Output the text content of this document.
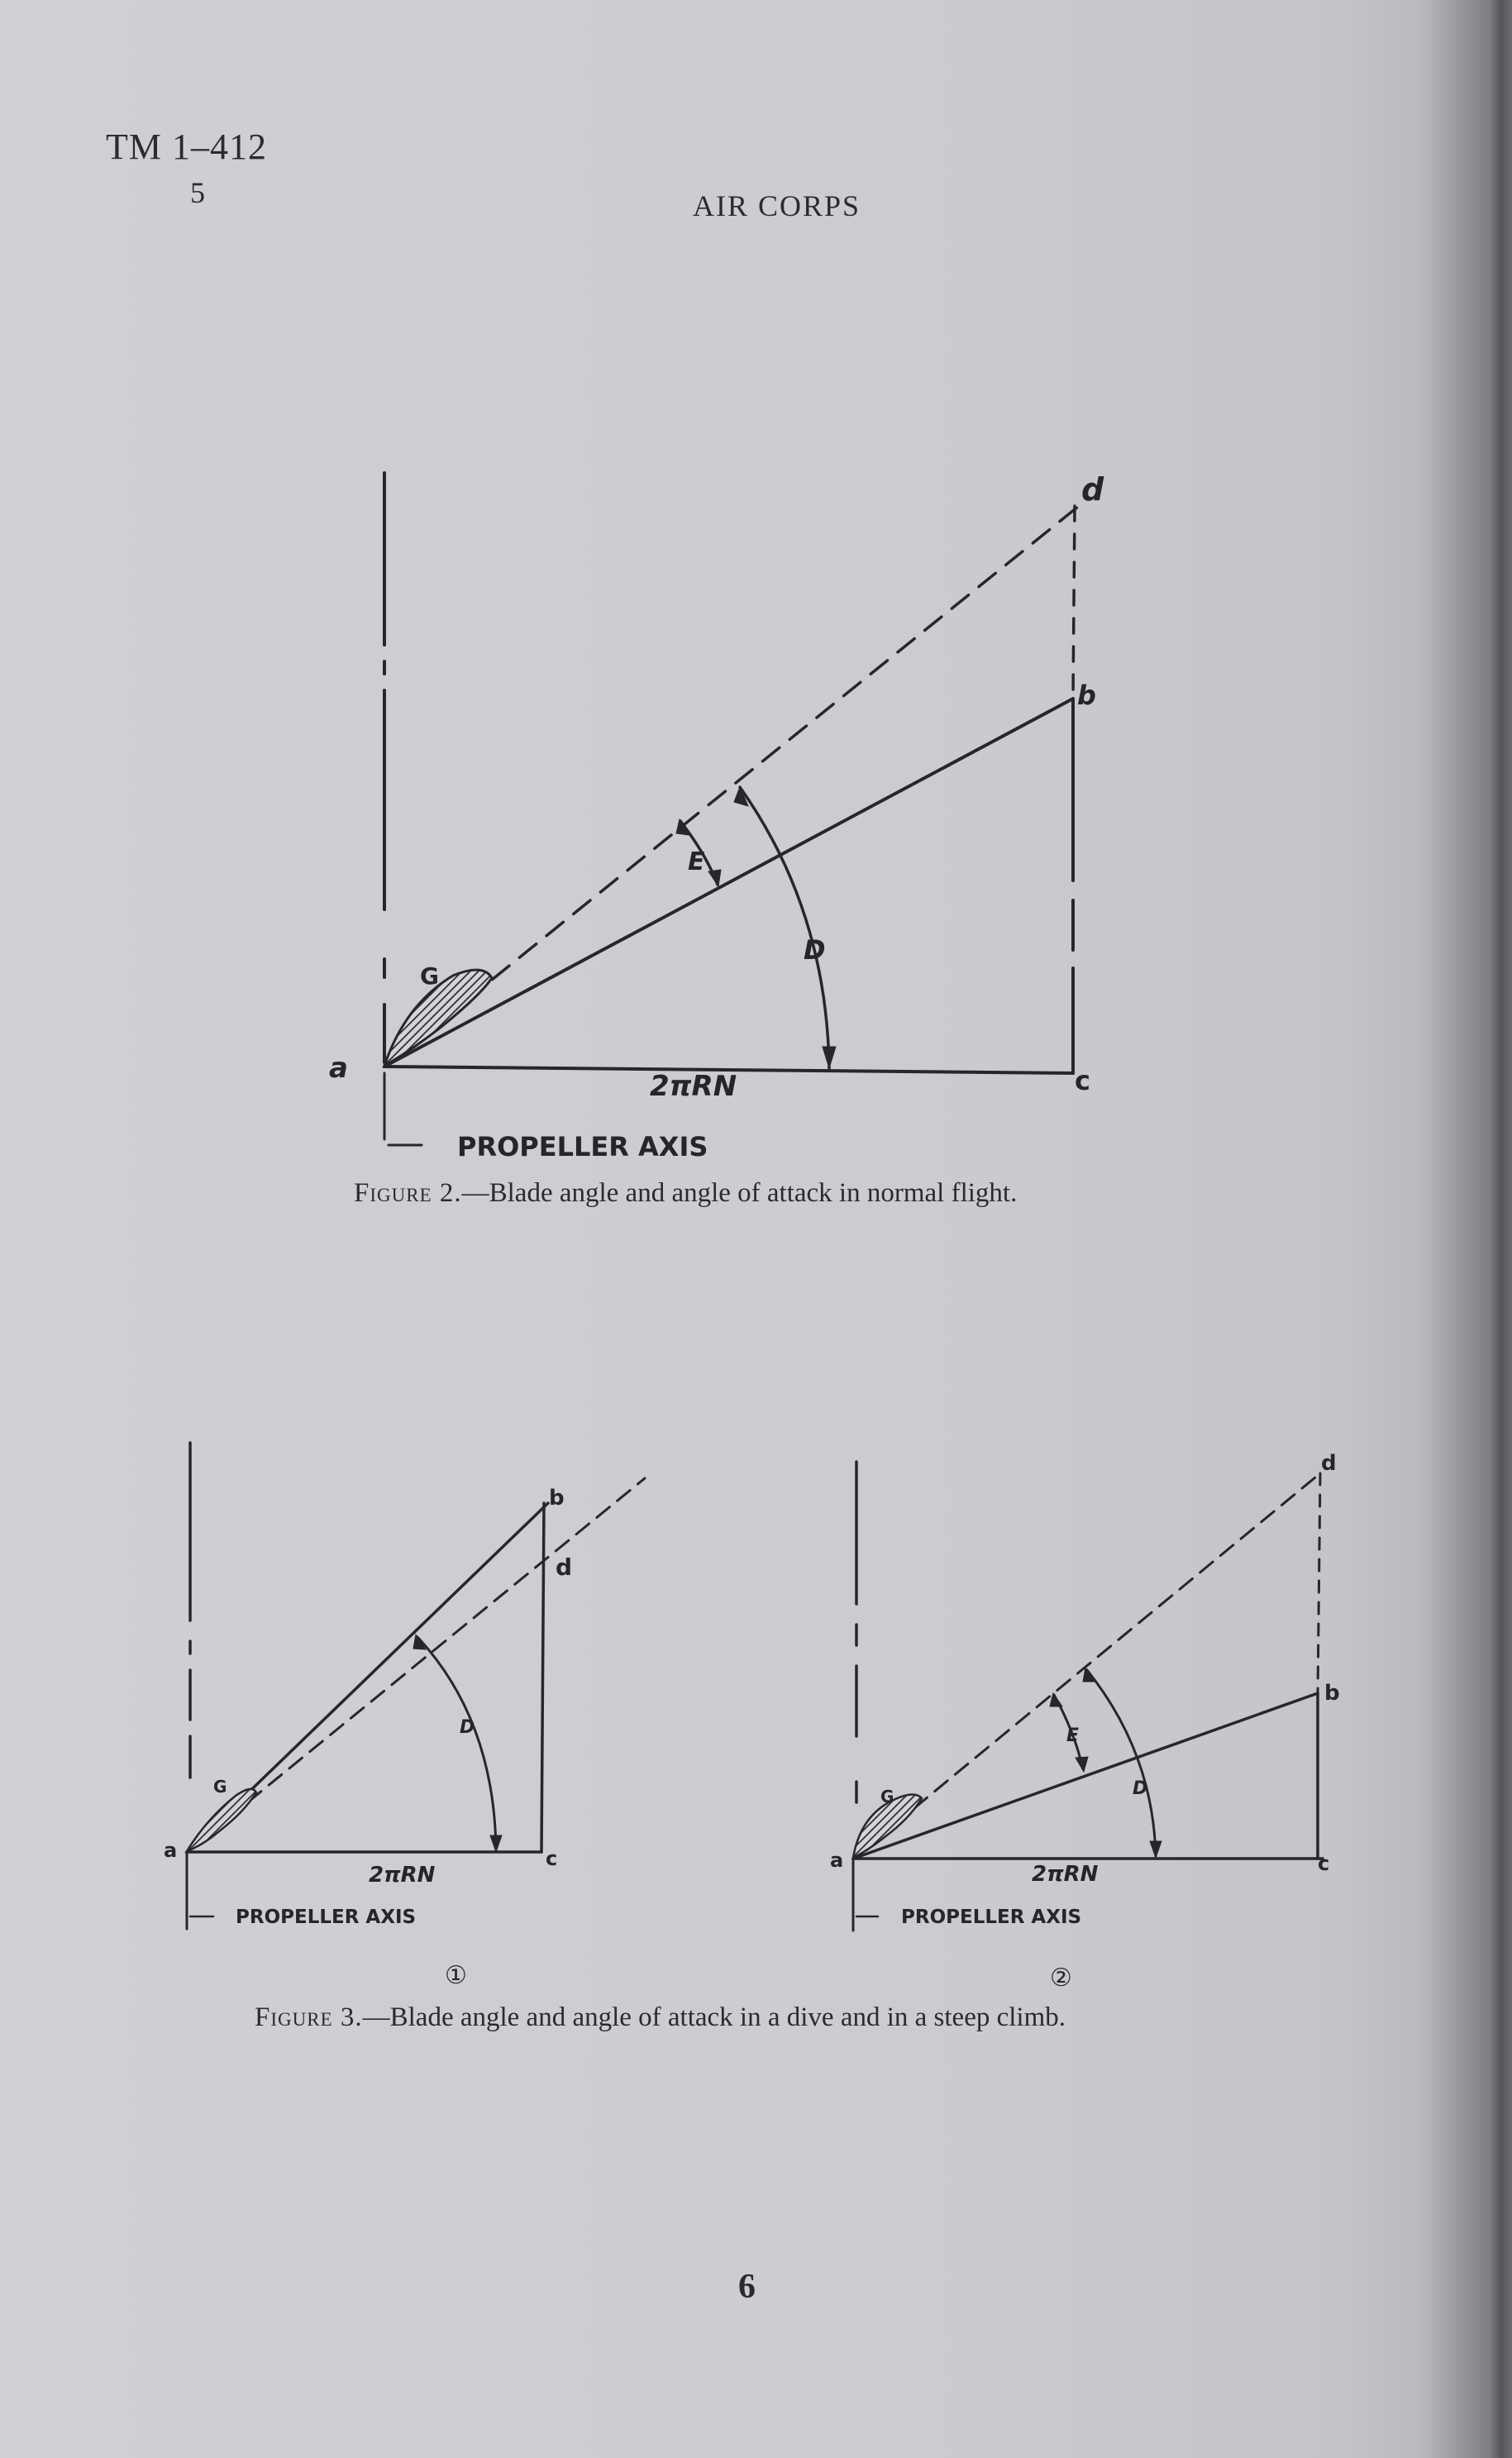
TM 1–412
5	AIR CORPS
a
b
c
d
G
D
E
2πRN
PROPELLER AXIS
a
b
c
d
G
D
2πRN
PROPELLER AXIS
①
a
b
c
d
G	D
E
2πRN
PROPELLER AXIS
②
Figure 2.—Blade angle and angle of attack in normal flight.
Figure 3.—Blade angle and angle of attack in a dive and in a steep climb.
6
